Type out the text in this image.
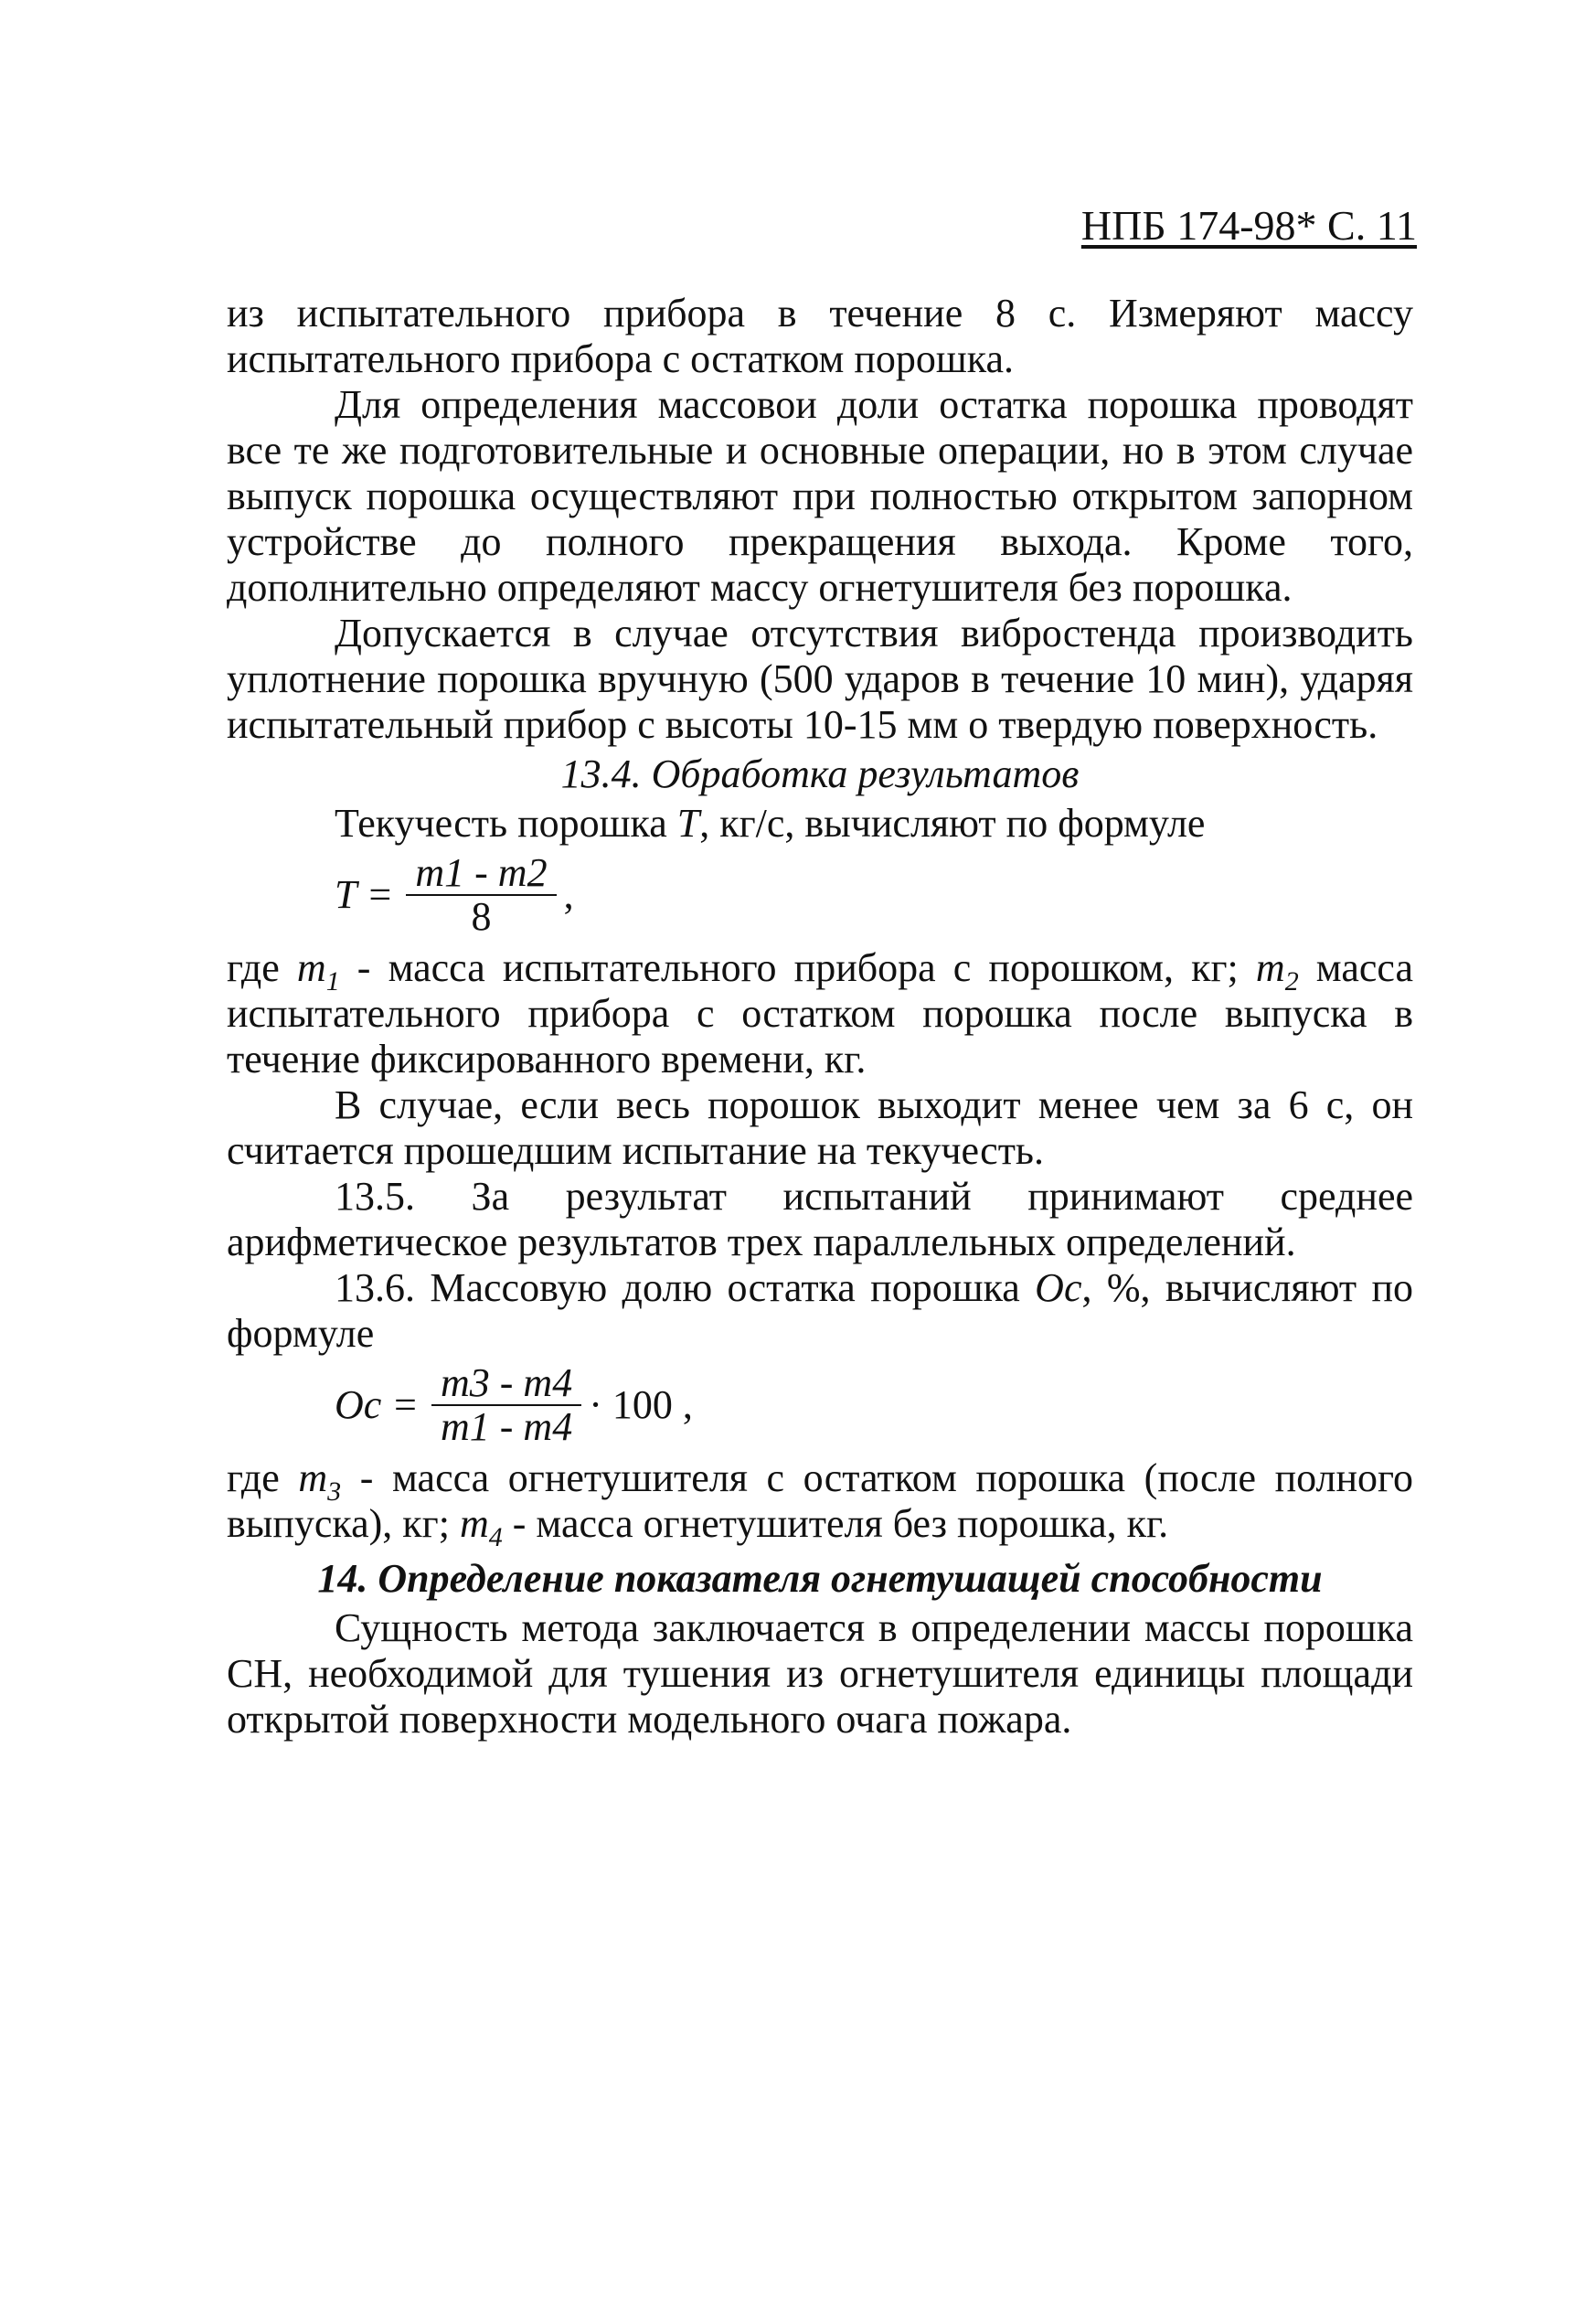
НПБ 174-98* С. 11

из испытательного прибора в течение 8 с. Измеряют массу испытательного прибора с остатком порошка.

Для определения массовои доли остатка порошка проводят все те же подготовительные и основные операции, но в этом случае выпуск порошка осуществляют при полностью открытом запорном устройстве до полного прекращения выхода. Кроме того, дополнительно определяют массу огнетушителя без порошка.

Допускается в случае отсутствия вибростенда производить уплотнение порошка вручную (500 ударов в течение 10 мин), ударяя испытательный прибор с высоты 10-15 мм о твердую поверхность.

13.4. Обработка результатов

Текучесть порошка T, кг/с, вычисляют по формуле

$T = \frac{m1 - m2}{8}$ ,

где $m_1$ - масса испытательного прибора с порошком, кг; $m_2$ масса испытательного прибора с остатком порошка после выпуска в течение фиксированного времени, кг.

В случае, если весь порошок выходит менее чем за 6 с, он считается прошедшим испытание на текучесть.

13.5. За результат испытаний принимают среднее арифметическое результатов трех параллельных определений.

13.6. Массовую долю остатка порошка Oc, %, вычисляют по формуле

$Oc = \frac{m3 - m4}{m1 - m4} \cdot 100$ ,

где $m_3$ - масса огнетушителя с остатком порошка (после полного выпуска), кг; $m_4$ - масса огнетушителя без порошка, кг.

14. Определение показателя огнетушащей способности

Сущность метода заключается в определении массы порошка СН, необходимой для тушения из огнетушителя единицы площади открытой поверхности модельного очага пожара.
